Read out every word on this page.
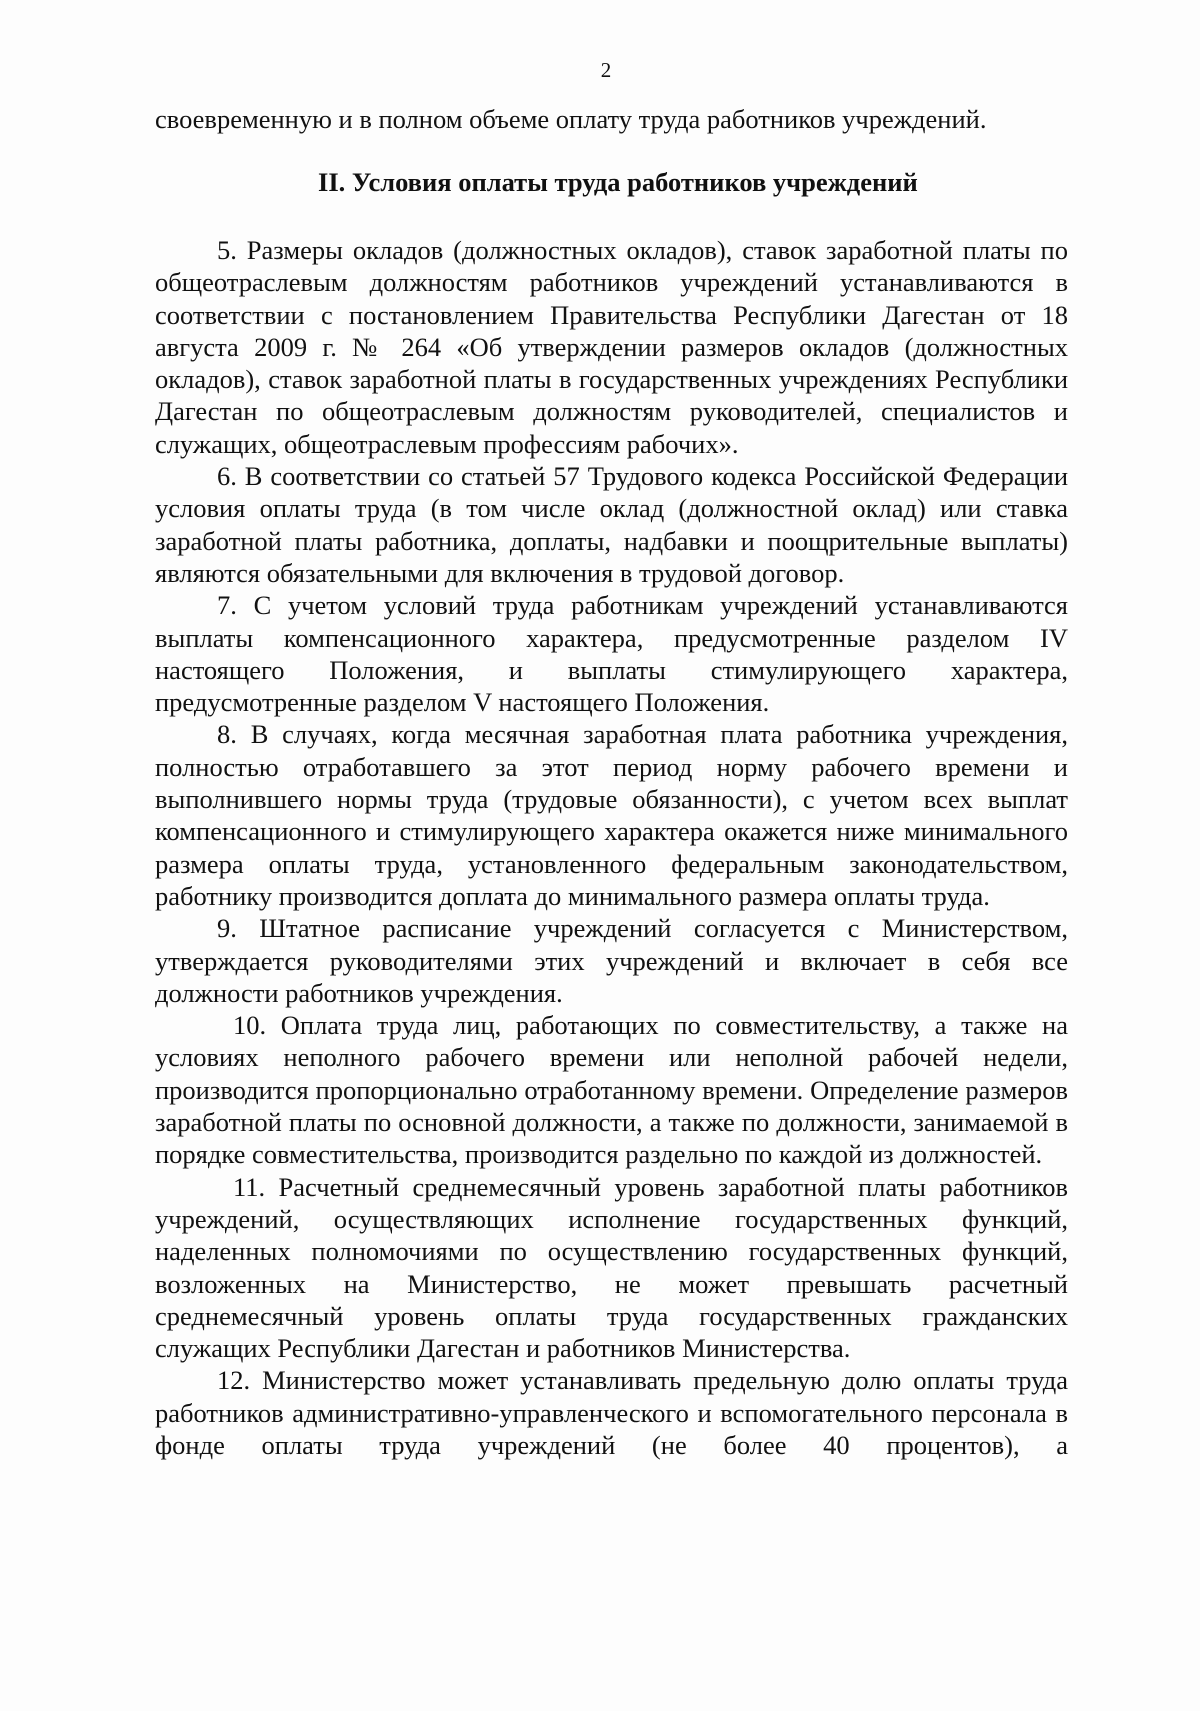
2
своевременную и в полном объеме оплату труда работников учреждений.
II. Условия оплаты труда работников учреждений

5. Размеры окладов (должностных окладов), ставок заработной платы по общеотраслевым должностям работников учреждений устанавливаются в соответствии с постановлением Правительства Республики Дагестан от 18 августа 2009 г. № 264 «Об утверждении размеров окладов (должностных окладов), ставок заработной платы в государственных учреждениях Республики Дагестан по общеотраслевым должностям руководителей, специалистов и служащих, общеотраслевым профессиям рабочих».

6. В соответствии со статьей 57 Трудового кодекса Российской Федерации условия оплаты труда (в том числе оклад (должностной оклад) или ставка заработной платы работника, доплаты, надбавки и поощрительные выплаты) являются обязательными для включения в трудовой договор.

7. С учетом условий труда работникам учреждений устанавливаются выплаты компенсационного характера, предусмотренные разделом IV настоящего Положения, и выплаты стимулирующего характера, предусмотренные разделом V настоящего Положения.

8. В случаях, когда месячная заработная плата работника учреждения, полностью отработавшего за этот период норму рабочего времени и выполнившего нормы труда (трудовые обязанности), с учетом всех выплат компенсационного и стимулирующего характера окажется ниже минимального размера оплаты труда, установленного федеральным законодательством, работнику производится доплата до минимального размера оплаты труда.

9. Штатное расписание учреждений согласуется с Министерством, утверждается руководителями этих учреждений и включает в себя все должности работников учреждения.

10. Оплата труда лиц, работающих по совместительству, а также на условиях неполного рабочего времени или неполной рабочей недели, производится пропорционально отработанному времени. Определение размеров заработной платы по основной должности, а также по должности, занимаемой в порядке совместительства, производится раздельно по каждой из должностей.

11. Расчетный среднемесячный уровень заработной платы работников учреждений, осуществляющих исполнение государственных функций, наделенных полномочиями по осуществлению государственных функций, возложенных на Министерство, не может превышать расчетный среднемесячный уровень оплаты труда государственных гражданских служащих Республики Дагестан и работников Министерства.

12. Министерство может устанавливать предельную долю оплаты труда работников административно-управленческого и вспомогательного персонала в фонде оплаты труда учреждений (не более 40 процентов), а
